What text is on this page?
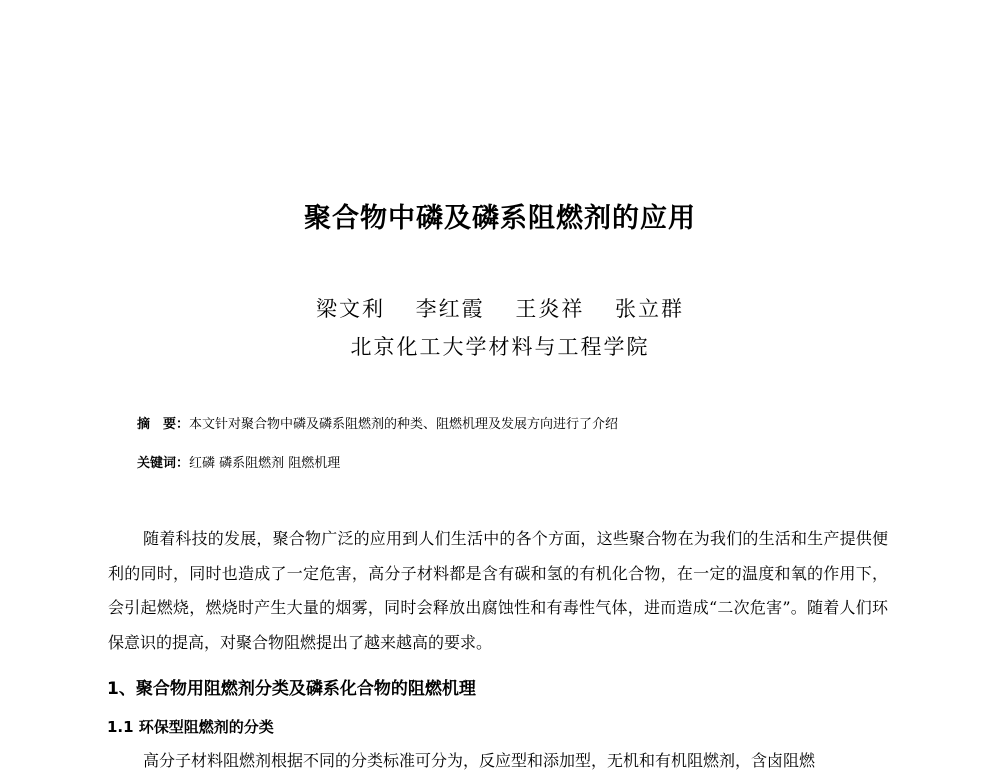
聚合物中磷及磷系阻燃剂的应用
梁文利 李红霞 王炎祥 张立群
北京化工大学材料与工程学院
摘　要：本文针对聚合物中磷及磷系阻燃剂的种类、阻燃机理及发展方向进行了介绍
关键词：红磷 磷系阻燃剂 阻燃机理

随着科技的发展，聚合物广泛的应用到人们生活中的各个方面，这些聚合物在为我们的生活和生产提供便利的同时，同时也造成了一定危害，高分子材料都是含有碳和氢的有机化合物，在一定的温度和氧的作用下，会引起燃烧，燃烧时产生大量的烟雾，同时会释放出腐蚀性和有毒性气体，进而造成“二次危害”。随着人们环保意识的提高，对聚合物阻燃提出了越来越高的要求。

1、聚合物用阻燃剂分类及磷系化合物的阻燃机理
1.1 环保型阻燃剂的分类
高分子材料阻燃剂根据不同的分类标准可分为，反应型和添加型，无机和有机阻燃剂，含卤阻燃
